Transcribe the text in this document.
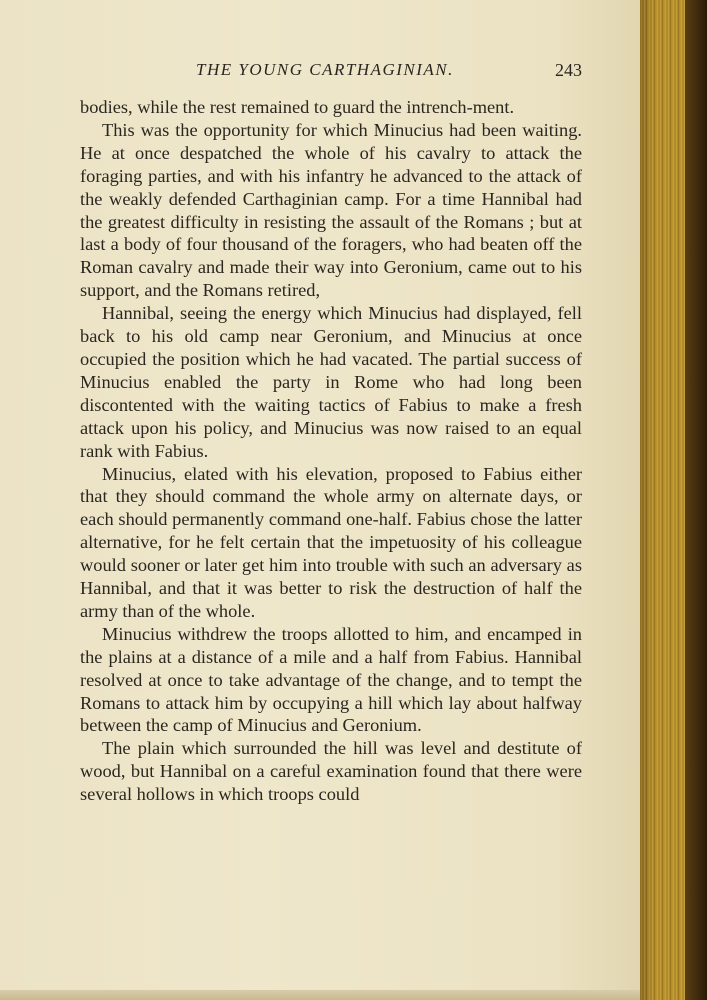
THE YOUNG CARTHAGINIAN.	243

bodies, while the rest remained to guard the intrench-ment.

This was the opportunity for which Minucius had been waiting. He at once despatched the whole of his cavalry to attack the foraging parties, and with his infantry he advanced to the attack of the weakly defended Carthaginian camp. For a time Hannibal had the greatest difficulty in resisting the assault of the Romans ; but at last a body of four thousand of the foragers, who had beaten off the Roman cavalry and made their way into Geronium, came out to his support, and the Romans retired,

Hannibal, seeing the energy which Minucius had displayed, fell back to his old camp near Geronium, and Minucius at once occupied the position which he had vacated. The partial success of Minucius enabled the party in Rome who had long been discontented with the waiting tactics of Fabius to make a fresh attack upon his policy, and Minucius was now raised to an equal rank with Fabius.

Minucius, elated with his elevation, proposed to Fabius either that they should command the whole army on alternate days, or each should permanently command one-half. Fabius chose the latter alternative, for he felt certain that the impetuosity of his colleague would sooner or later get him into trouble with such an adversary as Hannibal, and that it was better to risk the destruction of half the army than of the whole.

Minucius withdrew the troops allotted to him, and encamped in the plains at a distance of a mile and a half from Fabius. Hannibal resolved at once to take advantage of the change, and to tempt the Romans to attack him by occupying a hill which lay about halfway between the camp of Minucius and Geronium.

The plain which surrounded the hill was level and destitute of wood, but Hannibal on a careful examination found that there were several hollows in which troops could
